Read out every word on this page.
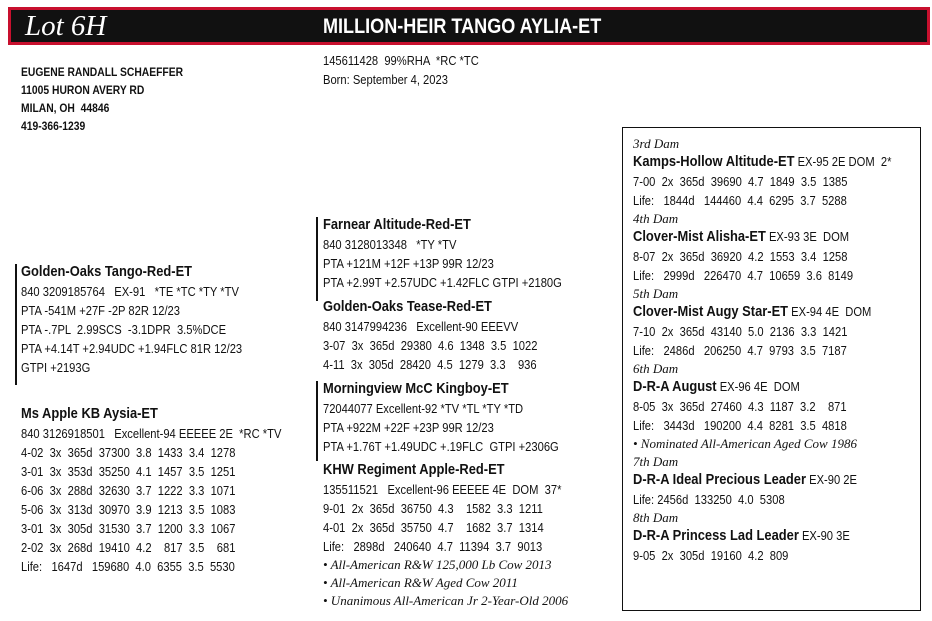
Lot 6H	MILLION-HEIR TANGO AYLIA-ET
145611428  99%RHA  *RC *TC
Born: September 4, 2023
EUGENE RANDALL SCHAEFFER
11005 HURON AVERY RD
MILAN, OH  44846
419-366-1239
Golden-Oaks Tango-Red-ET
840 3209185764   EX-91   *TE *TC *TY *TV
PTA -541M +27F -2P 82R 12/23
PTA -.7PL  2.99SCS  -3.1DPR  3.5%DCE
PTA +4.14T +2.94UDC +1.94FLC 81R 12/23
GTPI +2193G
Ms Apple KB Aysia-ET
840 3126918501   Excellent-94 EEEEE 2E  *RC *TV
4-02  3x  365d  37300  3.8  1433  3.4  1278
3-01  3x  353d  35250  4.1  1457  3.5  1251
6-06  3x  288d  32630  3.7  1222  3.3  1071
5-06  3x  313d  30970  3.9  1213  3.5  1083
3-01  3x  305d  31530  3.7  1200  3.3  1067
2-02  3x  268d  19410  4.2    817  3.5    681
Life:   1647d   159680  4.0  6355  3.5  5530
Farnear Altitude-Red-ET
840 3128013348   *TY *TV
PTA +121M +12F +13P 99R 12/23
PTA +2.99T +2.57UDC +1.42FLC GTPI +2180G
Golden-Oaks Tease-Red-ET
840 3147994236   Excellent-90 EEEVV
3-07  3x  365d  29380  4.6  1348  3.5  1022
4-11  3x  305d  28420  4.5  1279  3.3    936
Morningview McC Kingboy-ET
72044077 Excellent-92 *TV *TL *TY *TD
PTA +922M +22F +23P 99R 12/23
PTA +1.76T +1.49UDC +.19FLC  GTPI +2306G
KHW Regiment Apple-Red-ET
135511521   Excellent-96 EEEEE 4E  DOM  37*
9-01  2x  365d  36750  4.3    1582  3.3  1211
4-01  2x  365d  35750  4.7    1682  3.7  1314
Life:   2898d   240640  4.7  11394  3.7  9013
• All-American R&W 125,000 Lb Cow 2013
• All-American R&W Aged Cow 2011
• Unanimous All-American Jr 2-Year-Old 2006
3rd Dam
Kamps-Hollow Altitude-ET EX-95 2E DOM  2*
7-00  2x  365d  39690  4.7  1849  3.5  1385
Life:   1844d   144460  4.4  6295  3.7  5288
4th Dam
Clover-Mist Alisha-ET EX-93 3E  DOM
8-07  2x  365d  36920  4.2  1553  3.4  1258
Life:   2999d   226470  4.7  10659  3.6  8149
5th Dam
Clover-Mist Augy Star-ET EX-94 4E  DOM
7-10  2x  365d  43140  5.0  2136  3.3  1421
Life:   2486d   206250  4.7  9793  3.5  7187
6th Dam
D-R-A August EX-96 4E  DOM
8-05  3x  365d  27460  4.3  1187  3.2    871
Life:   3443d   190200  4.4  8281  3.5  4818
• Nominated All-American Aged Cow 1986
7th Dam
D-R-A Ideal Precious Leader EX-90 2E
Life: 2456d  133250  4.0  5308
8th Dam
D-R-A Princess Lad Leader EX-90 3E
9-05  2x  305d  19160  4.2  809
